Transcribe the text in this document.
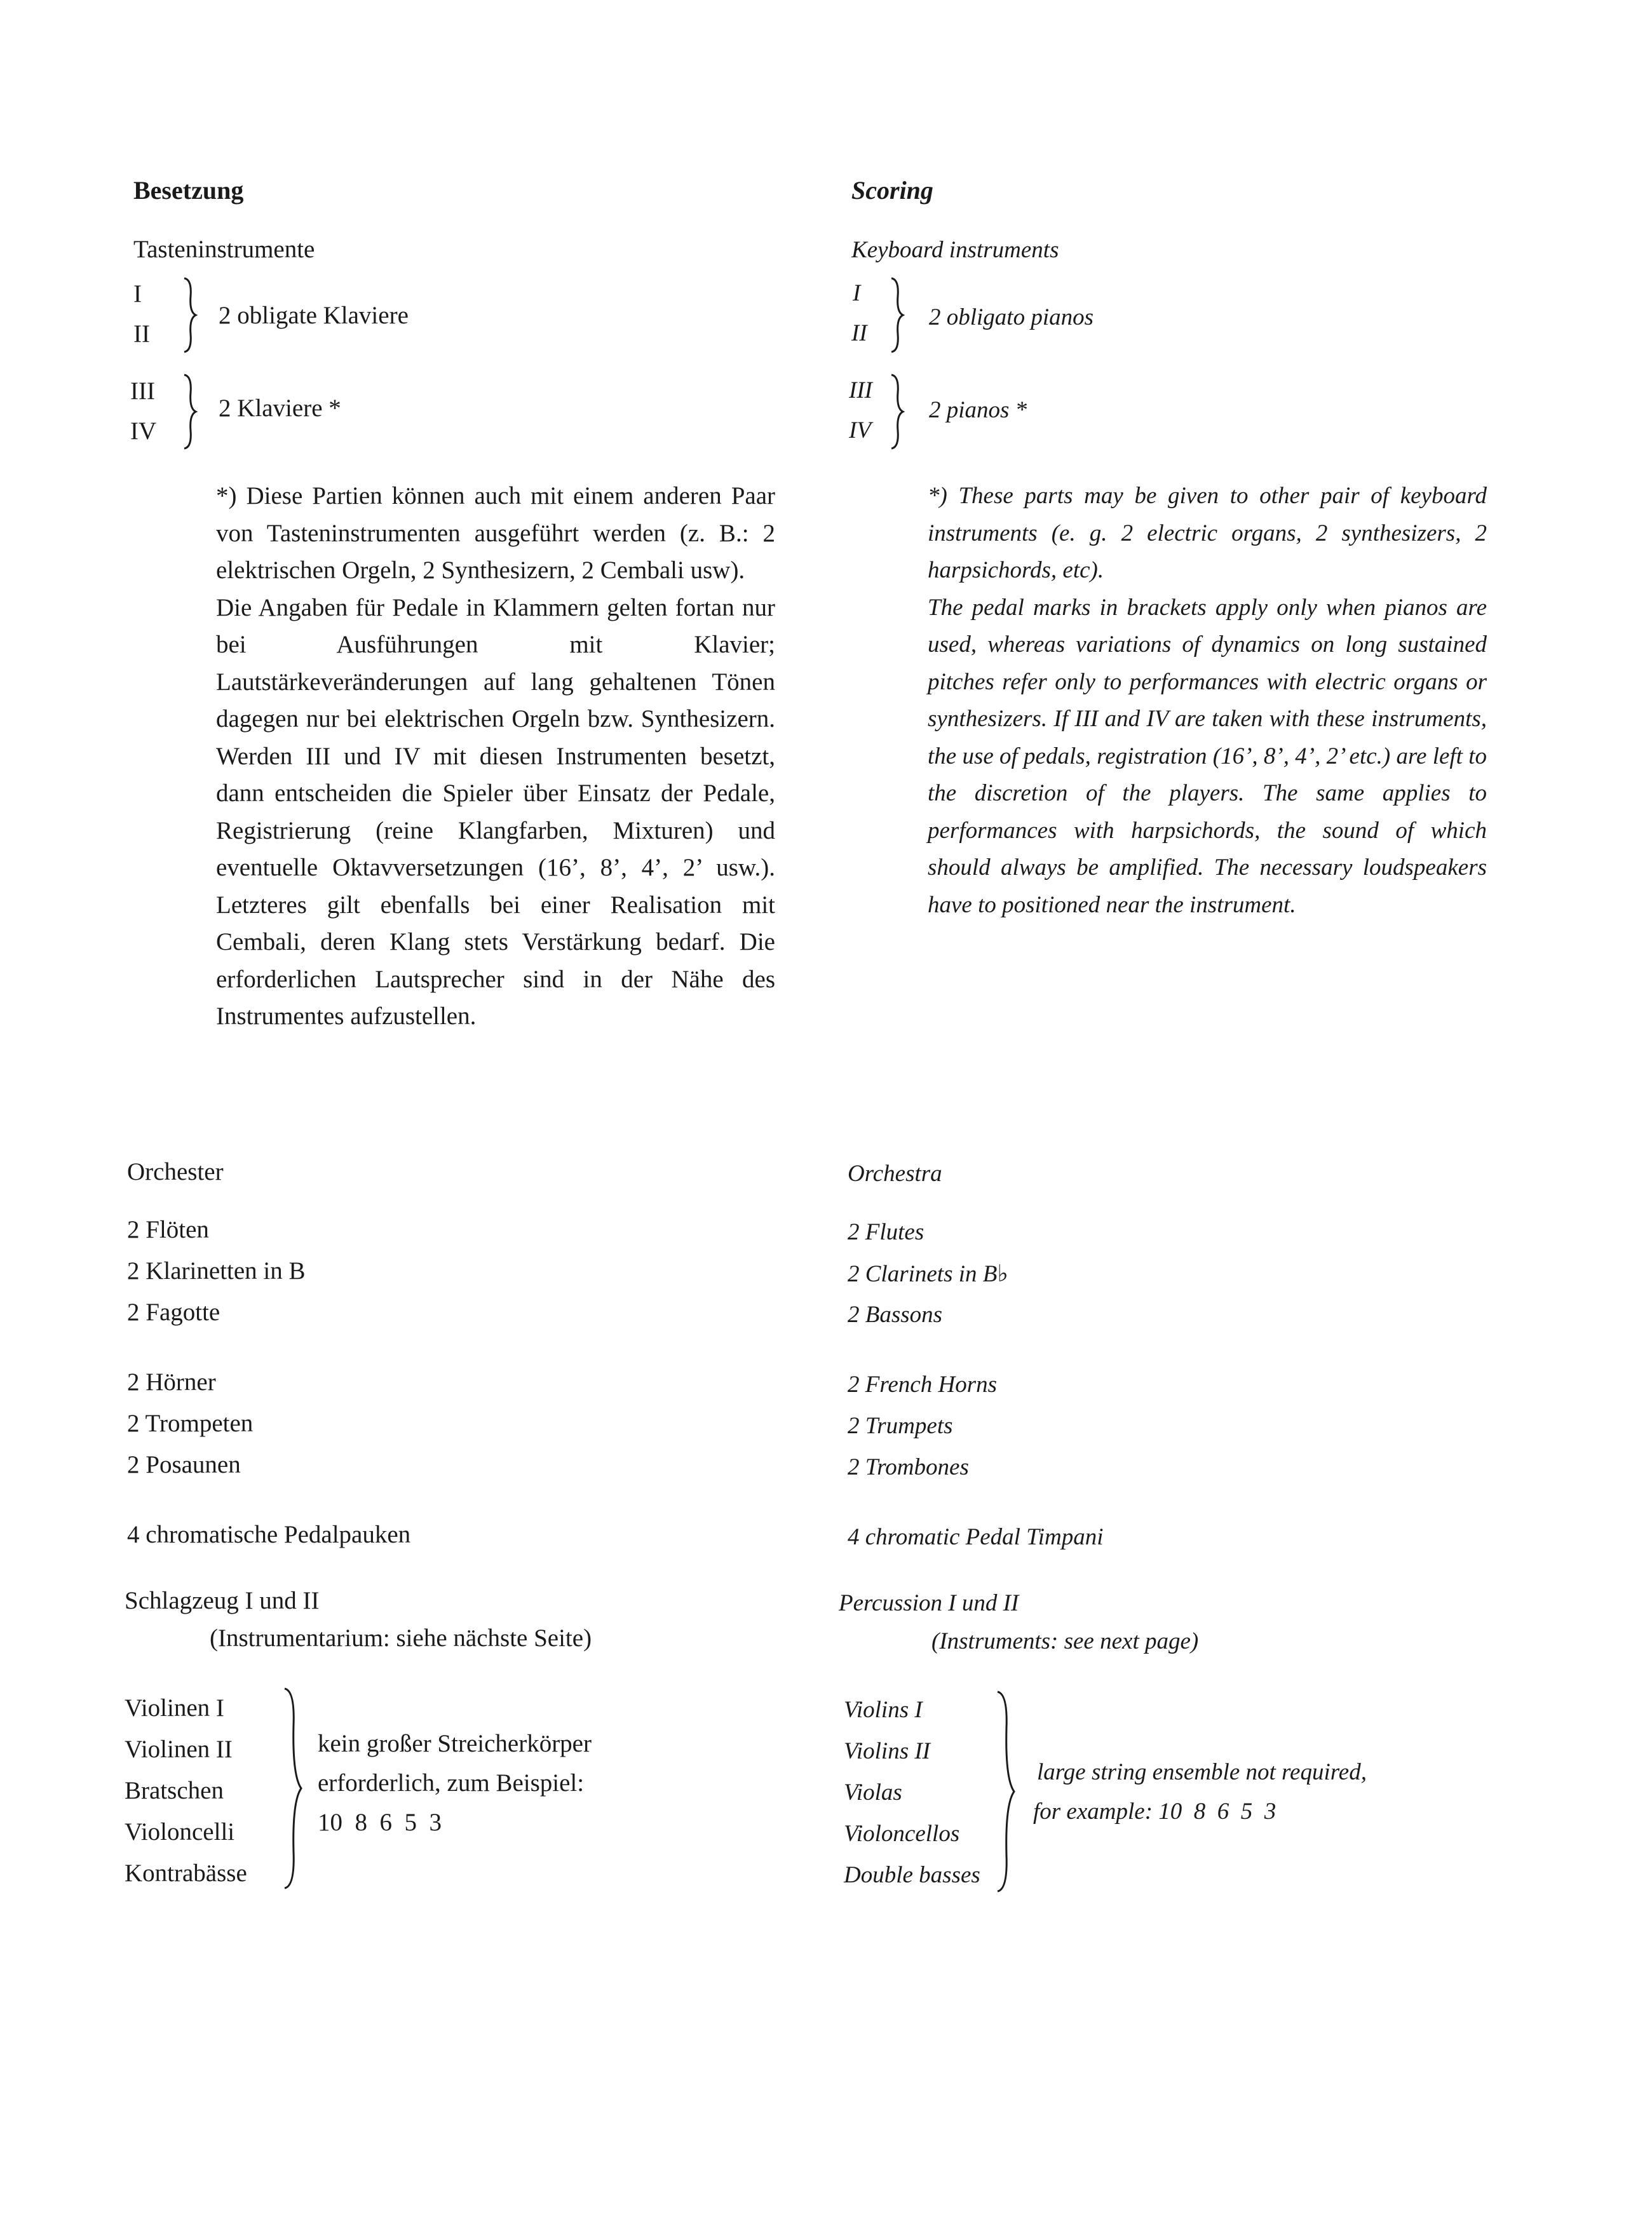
Besetzung
Tasteninstrumente
I
II
2 obligate Klaviere
III
IV
2 Klaviere *
*) Diese Partien können auch mit einem anderen Paar von Tasteninstrumenten ausgeführt werden (z. B.: 2 elektrischen Orgeln, 2 Synthesizern, 2 Cembali usw).
Die Angaben für Pedale in Klammern gelten fortan nur bei Ausführungen mit Klavier; Lautstärkeveränderungen auf lang gehaltenen Tönen dagegen nur bei elektrischen Orgeln bzw. Synthesizern. Werden III und IV mit diesen Instrumenten besetzt, dann entscheiden die Spieler über Einsatz der Pedale, Registrierung (reine Klangfarben, Mixturen) und eventuelle Oktavversetzungen (16’, 8’, 4’, 2’ usw.). Letzteres gilt ebenfalls bei einer Realisation mit Cembali, deren Klang stets Verstärkung bedarf. Die erforderlichen Lautsprecher sind in der Nähe des Instrumentes aufzustellen.
Orchester
2 Flöten
2 Klarinetten in B
2 Fagotte
2 Hörner
2 Trompeten
2 Posaunen
4 chromatische Pedalpauken
Schlagzeug I und II
(Instrumentarium: siehe nächste Seite)
Violinen I
Violinen II
Bratschen
Violoncelli
Kontrabässe
kein großer Streicherkörper
erforderlich, zum Beispiel:
10  8  6  5  3
Scoring
Keyboard instruments
I
II
2 obligato pianos
III
IV
2 pianos *
*) These parts may be given to other pair of keyboard instruments (e. g. 2 electric organs, 2 synthesizers, 2 harpsichords, etc).
The pedal marks in brackets apply only when pianos are used, whereas variations of dynamics on long sustained pitches refer only to performances with electric organs or synthesizers. If III and IV are taken with these instruments, the use of pedals, registration (16’, 8’, 4’, 2’ etc.) are left to the discretion of the players. The same applies to performances with harpsichords, the sound of which should always be amplified. The necessary loudspeakers have to positioned near the instrument.
Orchestra
2 Flutes
2 Clarinets in B♭
2 Bassons
2 French Horns
2 Trumpets
2 Trombones
4 chromatic Pedal Timpani
Percussion I und II
(Instruments: see next page)
Violins I
Violins II
Violas
Violoncellos
Double basses
large string ensemble not required,
for example: 10  8  6  5  3
